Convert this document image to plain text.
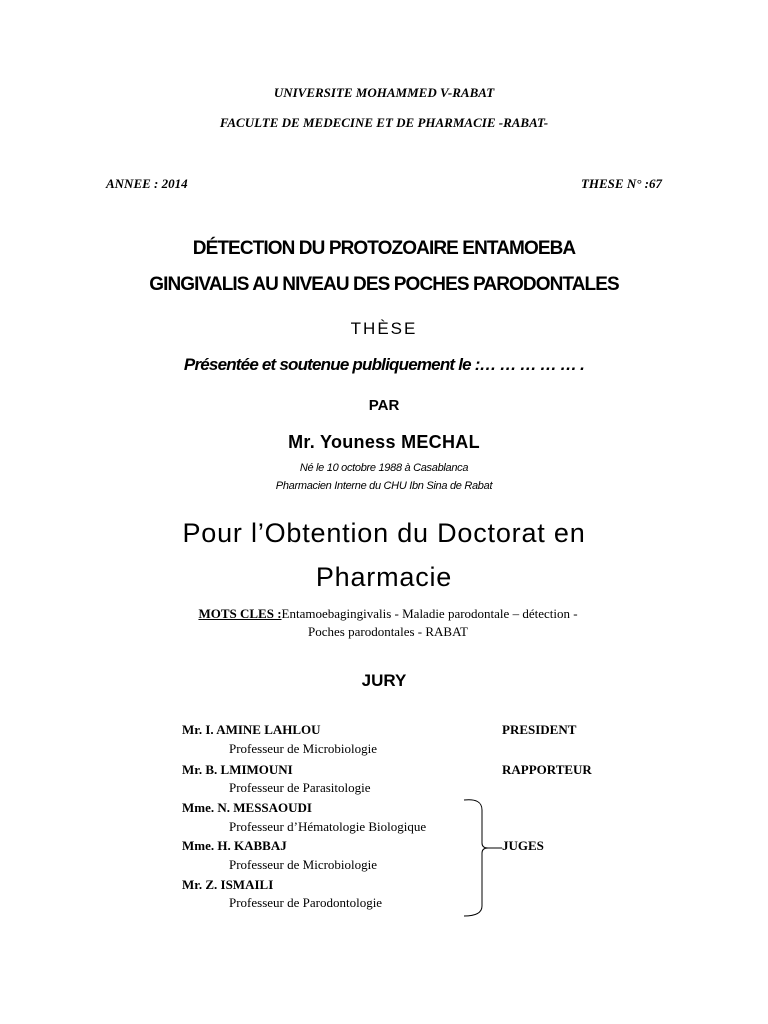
UNIVERSITE MOHAMMED V-RABAT
FACULTE DE MEDECINE ET DE PHARMACIE -RABAT-
ANNEE : 2014	THESE N° :67
DÉTECTION DU PROTOZOAIRE ENTAMOEBA
GINGIVALIS AU NIVEAU DES POCHES PARODONTALES
THÈSE
Présentée et soutenue publiquement le :… … … … … .
PAR
Mr. Youness MECHAL
Né le 10 octobre 1988 à Casablanca
Pharmacien Interne du CHU Ibn Sina de Rabat
Pour l’Obtention du Doctorat en
Pharmacie
MOTS CLES :Entamoebagingivalis - Maladie parodontale – détection -
Poches parodontales - RABAT
JURY
Mr. I. AMINE LAHLOU	PRESIDENT
Professeur de Microbiologie
Mr. B. LMIMOUNI	RAPPORTEUR
Professeur de Parasitologie
Mme. N. MESSAOUDI
Professeur d’Hématologie Biologique
Mme. H. KABBAJ	JUGES
Professeur de Microbiologie
Mr. Z. ISMAILI
Professeur de Parodontologie
